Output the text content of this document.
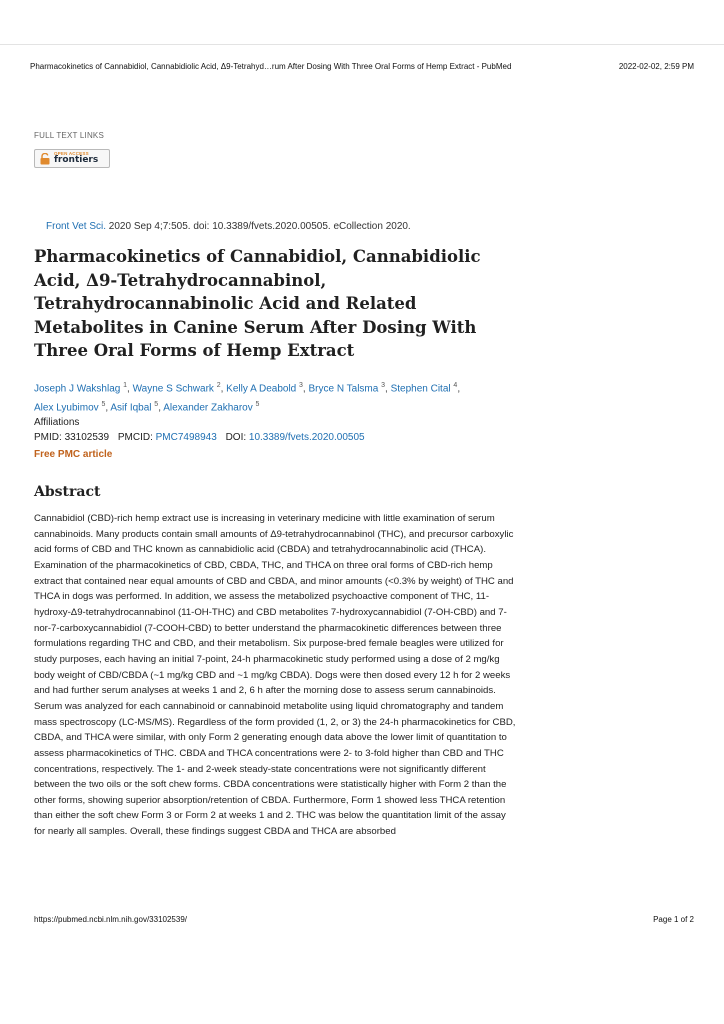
Pharmacokinetics of Cannabidiol, Cannabidiolic Acid, Δ9-Tetrahyd…rum After Dosing With Three Oral Forms of Hemp Extract - PubMed	2022-02-02, 2:59 PM
FULL TEXT LINKS
OPEN ACCESS
frontiers
Front Vet Sci. 2020 Sep 4;7:505. doi: 10.3389/fvets.2020.00505. eCollection 2020.
Pharmacokinetics of Cannabidiol, Cannabidiolic Acid, Δ9-Tetrahydrocannabinol, Tetrahydrocannabinolic Acid and Related Metabolites in Canine Serum After Dosing With Three Oral Forms of Hemp Extract
Joseph J Wakshlag $^1$, Wayne S Schwark $^2$, Kelly A Deabold $^3$, Bryce N Talsma $^3$, Stephen Cital $^4$,
Alex Lyubimov $^5$, Asif Iqbal $^5$, Alexander Zakharov $^5$
Affiliations
PMID: 33102539 PMCID: PMC7498943 DOI: 10.3389/fvets.2020.00505
Free PMC article
Abstract

Cannabidiol (CBD)-rich hemp extract use is increasing in veterinary medicine with little examination of serum cannabinoids. Many products contain small amounts of Δ9-tetrahydrocannabinol (THC), and precursor carboxylic acid forms of CBD and THC known as cannabidiolic acid (CBDA) and tetrahydrocannabinolic acid (THCA). Examination of the pharmacokinetics of CBD, CBDA, THC, and THCA on three oral forms of CBD-rich hemp extract that contained near equal amounts of CBD and CBDA, and minor amounts (<0.3% by weight) of THC and THCA in dogs was performed. In addition, we assess the metabolized psychoactive component of THC, 11-hydroxy-Δ9-tetrahydrocannabinol (11-OH-THC) and CBD metabolites 7-hydroxycannabidiol (7-OH-CBD) and 7-nor-7-carboxycannabidiol (7-COOH-CBD) to better understand the pharmacokinetic differences between three formulations regarding THC and CBD, and their metabolism. Six purpose-bred female beagles were utilized for study purposes, each having an initial 7-point, 24-h pharmacokinetic study performed using a dose of 2 mg/kg body weight of CBD/CBDA (~1 mg/kg CBD and ~1 mg/kg CBDA). Dogs were then dosed every 12 h for 2 weeks and had further serum analyses at weeks 1 and 2, 6 h after the morning dose to assess serum cannabinoids. Serum was analyzed for each cannabinoid or cannabinoid metabolite using liquid chromatography and tandem mass spectroscopy (LC-MS/MS). Regardless of the form provided (1, 2, or 3) the 24-h pharmacokinetics for CBD, CBDA, and THCA were similar, with only Form 2 generating enough data above the lower limit of quantitation to assess pharmacokinetics of THC. CBDA and THCA concentrations were 2- to 3-fold higher than CBD and THC concentrations, respectively. The 1- and 2-week steady-state concentrations were not significantly different between the two oils or the soft chew forms. CBDA concentrations were statistically higher with Form 2 than the other forms, showing superior absorption/retention of CBDA. Furthermore, Form 1 showed less THCA retention than either the soft chew Form 3 or Form 2 at weeks 1 and 2. THC was below the quantitation limit of the assay for nearly all samples. Overall, these findings suggest CBDA and THCA are absorbed

https://pubmed.ncbi.nlm.nih.gov/33102539/	Page 1 of 2
